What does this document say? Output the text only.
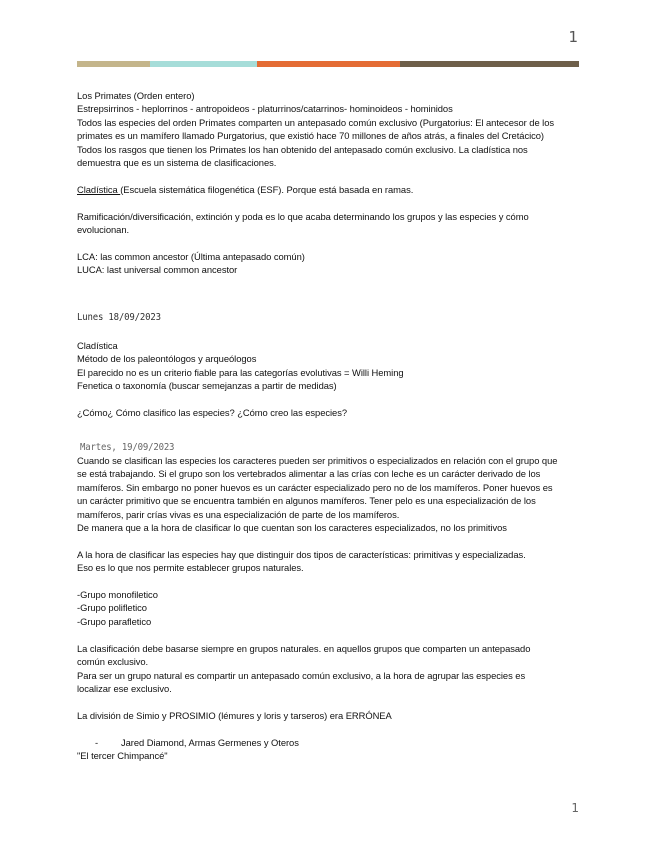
1

Los Primates (Orden entero)

Estrepsirrinos - heplorrinos - antropoideos - platurrinos/catarrinos- hominoideos - hominidos

Todos las especies del orden Primates comparten un antepasado común exclusivo (Purgatorius: El antecesor de los

primates es un mamífero llamado Purgatorius, que existió hace 70 millones de años atrás, a finales del Cretácico)

Todos los rasgos que tienen los Primates los han obtenido del antepasado común exclusivo. La cladística nos

demuestra que es un sistema de clasificaciones.

Cladística (Escuela sistemática filogenética (ESF). Porque está basada en ramas.

Ramificación/diversificación, extinción y poda es lo que acaba determinando los grupos y las especies y cómo

evolucionan.

LCA: las common ancestor (Última antepasado común)

LUCA: last universal common ancestor

Lunes 18/09/2023

Cladística

Método de los paleontólogos y arqueólogos

El parecido no es un criterio fiable para las categorías evolutivas = Willi Heming

Fenetica o taxonomía (buscar semejanzas a partir de medidas)

¿Cómo¿ Cómo clasifico las especies? ¿Cómo creo las especies?

Martes, 19/09/2023

Cuando se clasifican las especies los caracteres pueden ser primitivos o especializados en relación con el grupo que

se está trabajando. Si el grupo son los vertebrados alimentar a las crías con leche es un carácter derivado de los

mamíferos. Sin embargo no poner huevos es un carácter especializado pero no de los mamíferos. Poner huevos es

un carácter primitivo que se encuentra también en algunos mamíferos. Tener pelo es una especialización de los

mamíferos, parir crías vivas es una especialización de parte de los mamíferos.

De manera que a la hora de clasificar lo que cuentan son los caracteres especializados, no los primitivos

A la hora de clasificar las especies hay que distinguir dos tipos de características: primitivas y especializadas.

Eso es lo que nos permite establecer grupos naturales.

-Grupo monofiletico

-Grupo polifletico

-Grupo parafletico

La clasificación debe basarse siempre en grupos naturales. en aquellos grupos que comparten un antepasado

común exclusivo.

Para ser un grupo natural es compartir un antepasado común exclusivo, a la hora de agrupar las especies es

localizar ese exclusivo.

La división de Simio y PROSIMIO (lémures y loris y tarseros) era ERRÓNEA

-	Jared Diamond, Armas Germenes y Oteros

"El tercer Chimpancé"

1
